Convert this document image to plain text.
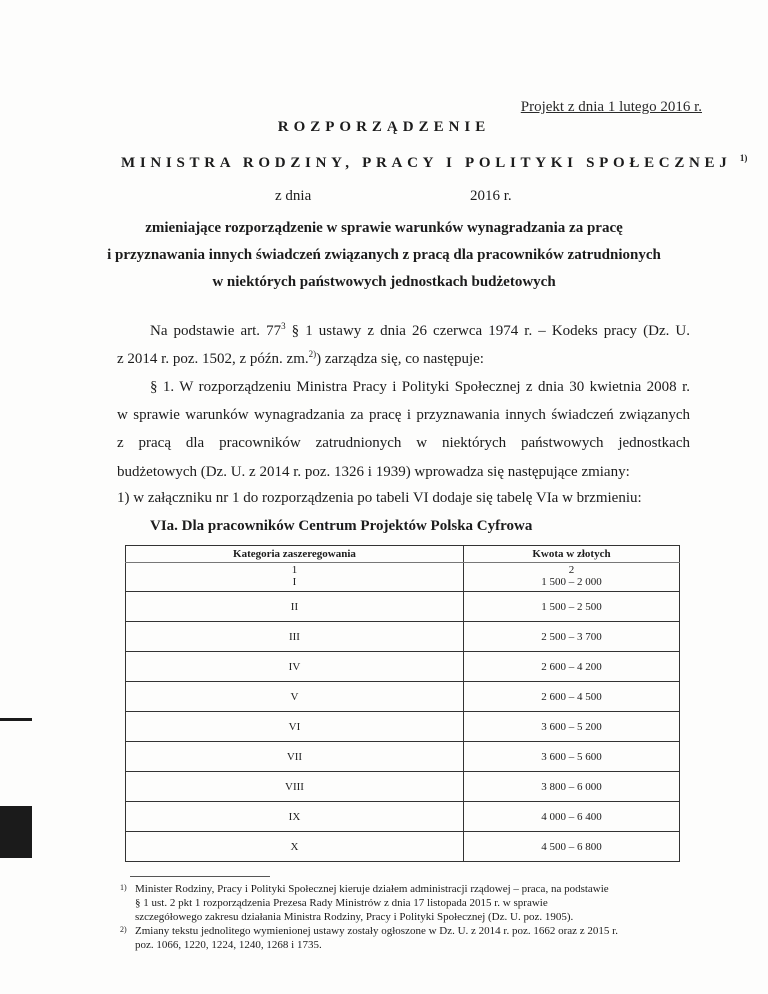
Projekt z dnia 1 lutego 2016 r.
ROZPORZĄDZENIE
MINISTRA RODZINY, PRACY I POLITYKI SPOŁECZNEJ $^{1)}$
z dnia	2016 r.
zmieniające rozporządzenie w sprawie warunków wynagradzania za pracę
i przyznawania innych świadczeń związanych z pracą dla pracowników zatrudnionych
w niektórych państwowych jednostkach budżetowych
Na podstawie art. $77^3$ § 1 ustawy z dnia 26 czerwca 1974 r. – Kodeks pracy (Dz. U.
z 2014 r. poz. 1502, z późn. zm.$^{2)}$) zarządza się, co następuje:
§ 1. W rozporządzeniu Ministra Pracy i Polityki Społecznej z dnia 30 kwietnia 2008 r.
w sprawie warunków wynagradzania za pracę i przyznawania innych świadczeń związanych
z pracą dla pracowników zatrudnionych w niektórych państwowych jednostkach
budżetowych (Dz. U. z 2014 r. poz. 1326 i 1939) wprowadza się następujące zmiany:
1) w załączniku nr 1 do rozporządzenia po tabeli VI dodaje się tabelę VIa w brzmieniu:
VIa. Dla pracowników Centrum Projektów Polska Cyfrowa
Kategoria zaszeregowania	Kwota w złotych
1	2
I	1 500 – 2 000
II	1 500 – 2 500
III	2 500 – 3 700
IV	2 600 – 4 200
V	2 600 – 4 500
VI	3 600 – 5 200
VII	3 600 – 5 600
VIII	3 800 – 6 000
IX	4 000 – 6 400
X	4 500 – 6 800
1) Minister Rodziny, Pracy i Polityki Społecznej kieruje działem administracji rządowej – praca, na podstawie
§ 1 ust. 2 pkt 1 rozporządzenia Prezesa Rady Ministrów z dnia 17 listopada 2015 r. w sprawie
szczegółowego zakresu działania Ministra Rodziny, Pracy i Polityki Społecznej (Dz. U. poz. 1905).
2) Zmiany tekstu jednolitego wymienionej ustawy zostały ogłoszone w Dz. U. z 2014 r. poz. 1662 oraz z 2015 r.
poz. 1066, 1220, 1224, 1240, 1268 i 1735.
